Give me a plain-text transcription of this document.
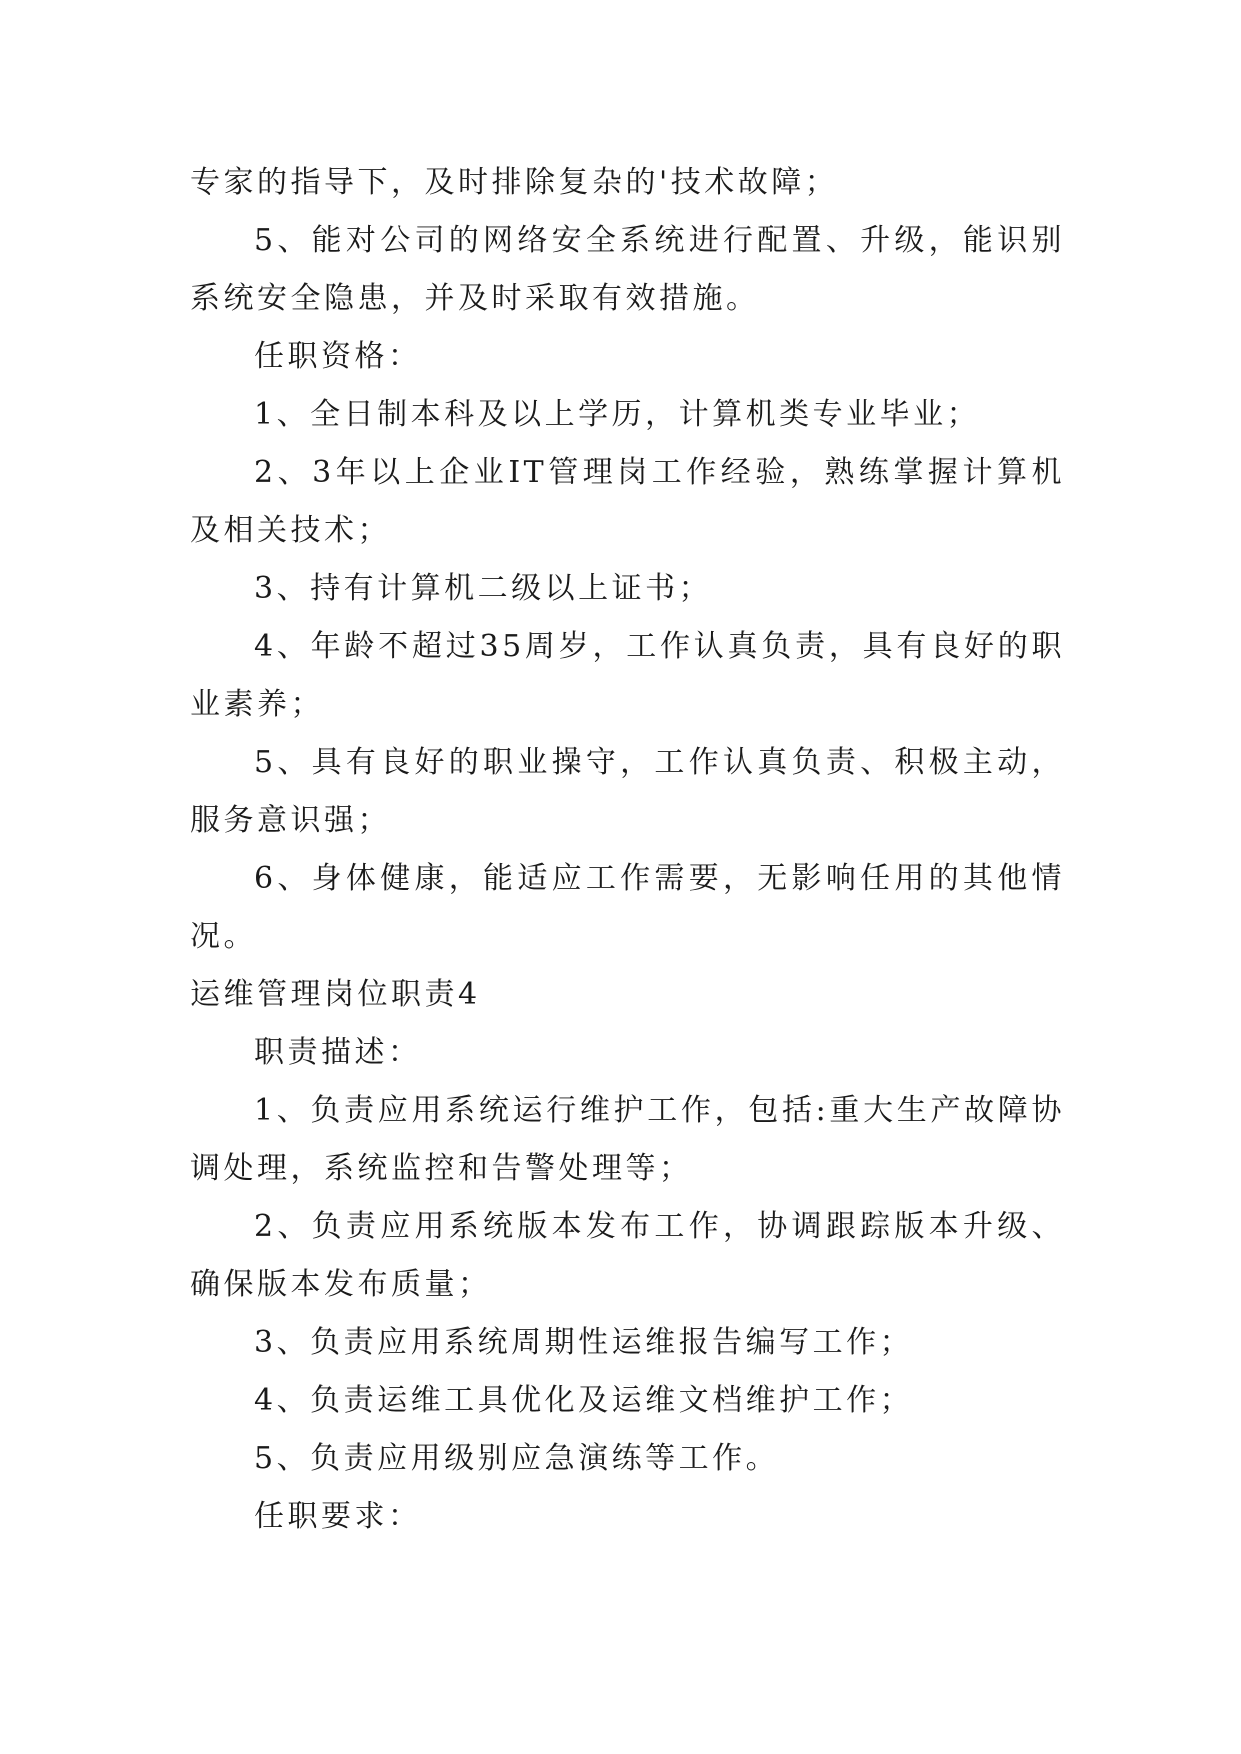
专家的指导下，及时排除复杂的'技术故障；

5、能对公司的网络安全系统进行配置、升级，能识别系统安全隐患，并及时采取有效措施。

任职资格：

1、全日制本科及以上学历，计算机类专业毕业；

2、3年以上企业IT管理岗工作经验，熟练掌握计算机及相关技术；

3、持有计算机二级以上证书；

4、年龄不超过35周岁，工作认真负责，具有良好的职业素养；

5、具有良好的职业操守，工作认真负责、积极主动，服务意识强；

6、身体健康，能适应工作需要，无影响任用的其他情况。

运维管理岗位职责4

职责描述：

1、负责应用系统运行维护工作，包括:重大生产故障协调处理，系统监控和告警处理等；

2、负责应用系统版本发布工作，协调跟踪版本升级、确保版本发布质量；

3、负责应用系统周期性运维报告编写工作；

4、负责运维工具优化及运维文档维护工作；

5、负责应用级别应急演练等工作。

任职要求：
